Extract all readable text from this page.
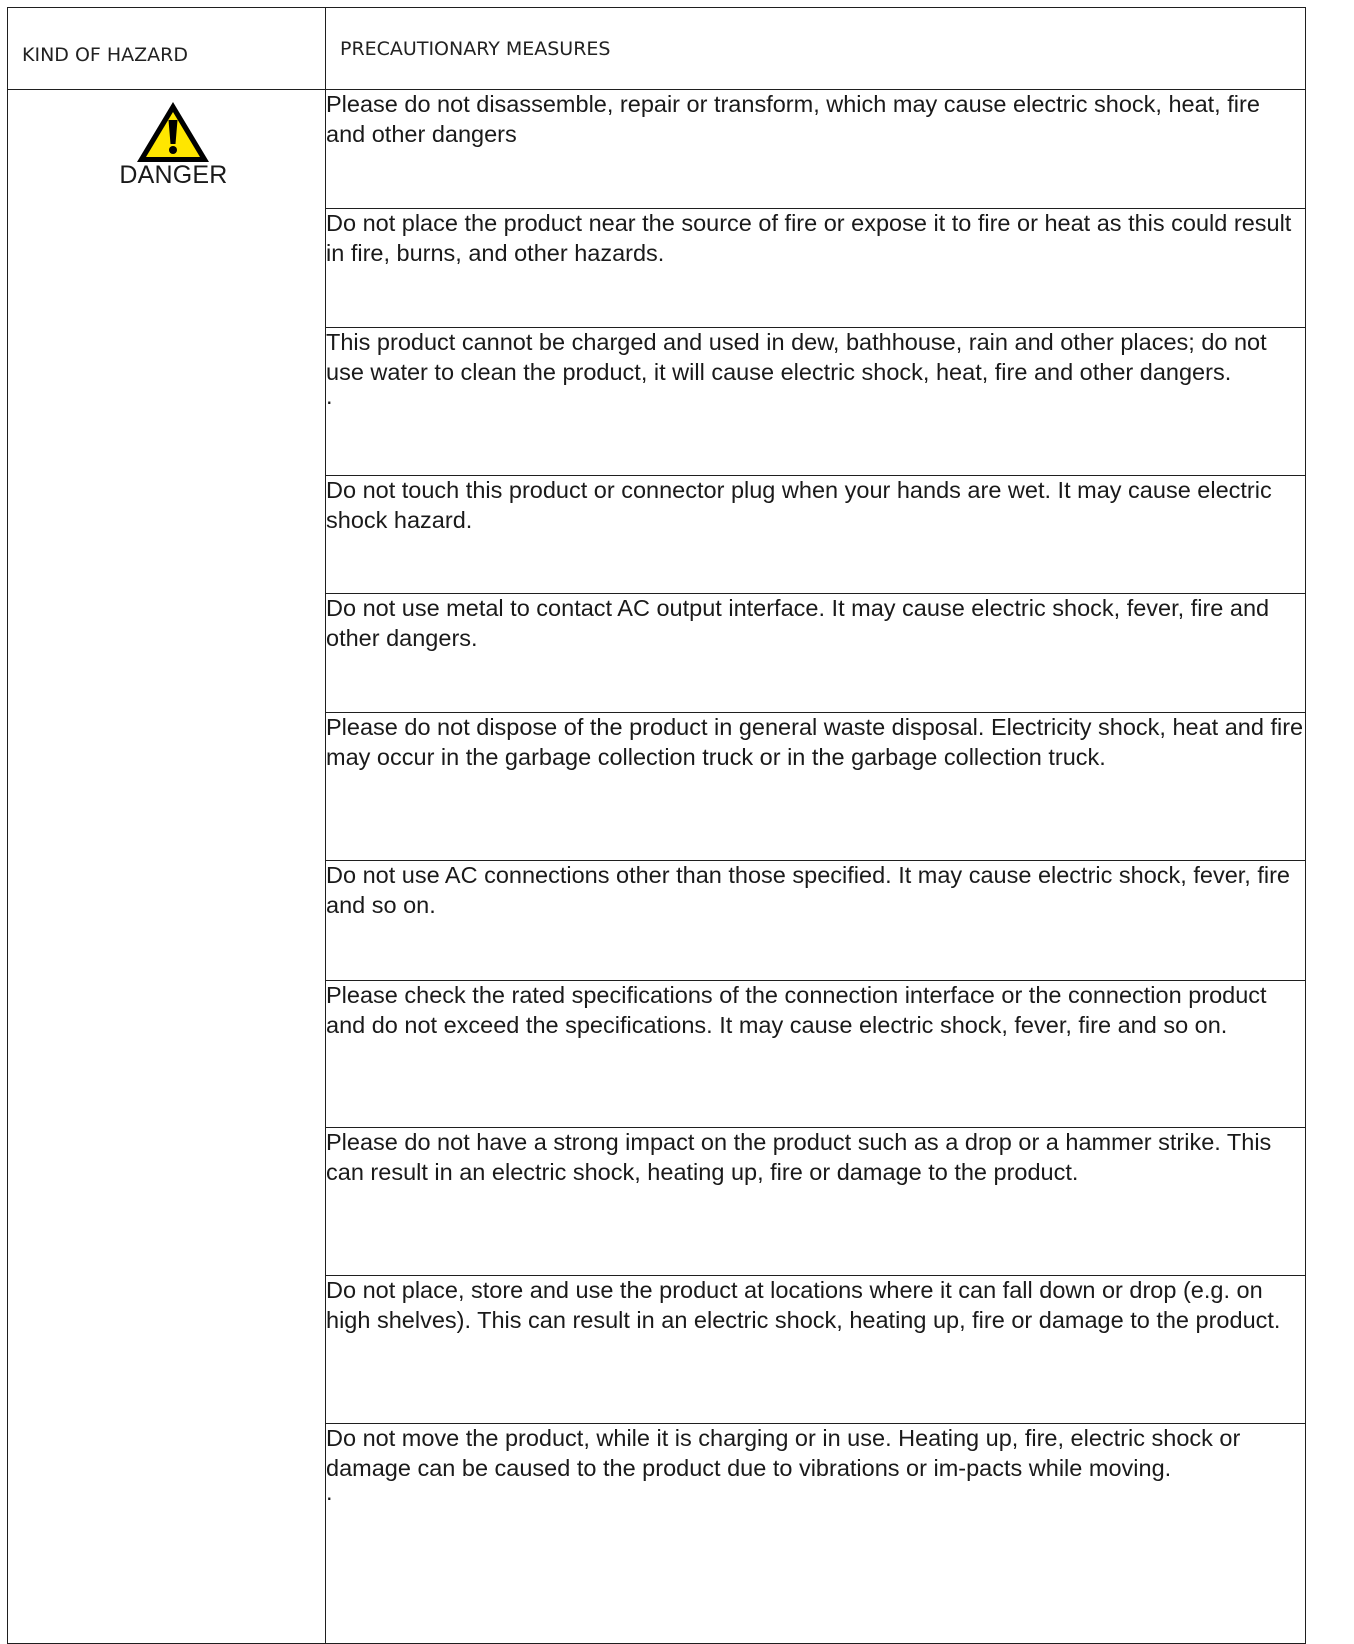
KIND OF HAZARD	PRECAUTIONARY MEASURES

DANGER	Please do not disassemble, repair or transform, which may cause electric shock, heat, fire and other dangers

	Do not place the product near the source of fire or expose it to fire or heat as this could result in fire, burns, and other hazards.

	This product cannot be charged and used in dew, bathhouse, rain and other places; do not use water to clean the product, it will cause electric shock, heat, fire and other dangers.
.

	Do not touch this product or connector plug when your hands are wet. It may cause electric shock hazard.

	Do not use metal to contact AC output interface. It may cause electric shock, fever, fire and other dangers.

	Please do not dispose of the product in general waste disposal. Electricity shock, heat and fire may occur in the garbage collection truck or in the garbage collection truck.

	Do not use AC connections other than those specified. It may cause electric shock, fever, fire and so on.

	Please check the rated specifications of the connection interface or the connection product and do not exceed the specifications. It may cause electric shock, fever, fire and so on.

	Please do not have a strong impact on the product such as a drop or a hammer strike. This can result in an electric shock, heating up, fire or damage to the product.

	Do not place, store and use the product at locations where it can fall down or drop (e.g. on high shelves). This can result in an electric shock, heating up, fire or damage to the product.

	Do not move the product, while it is charging or in use. Heating up, fire, electric shock or damage can be caused to the product due to vibrations or im-pacts while moving.
.
